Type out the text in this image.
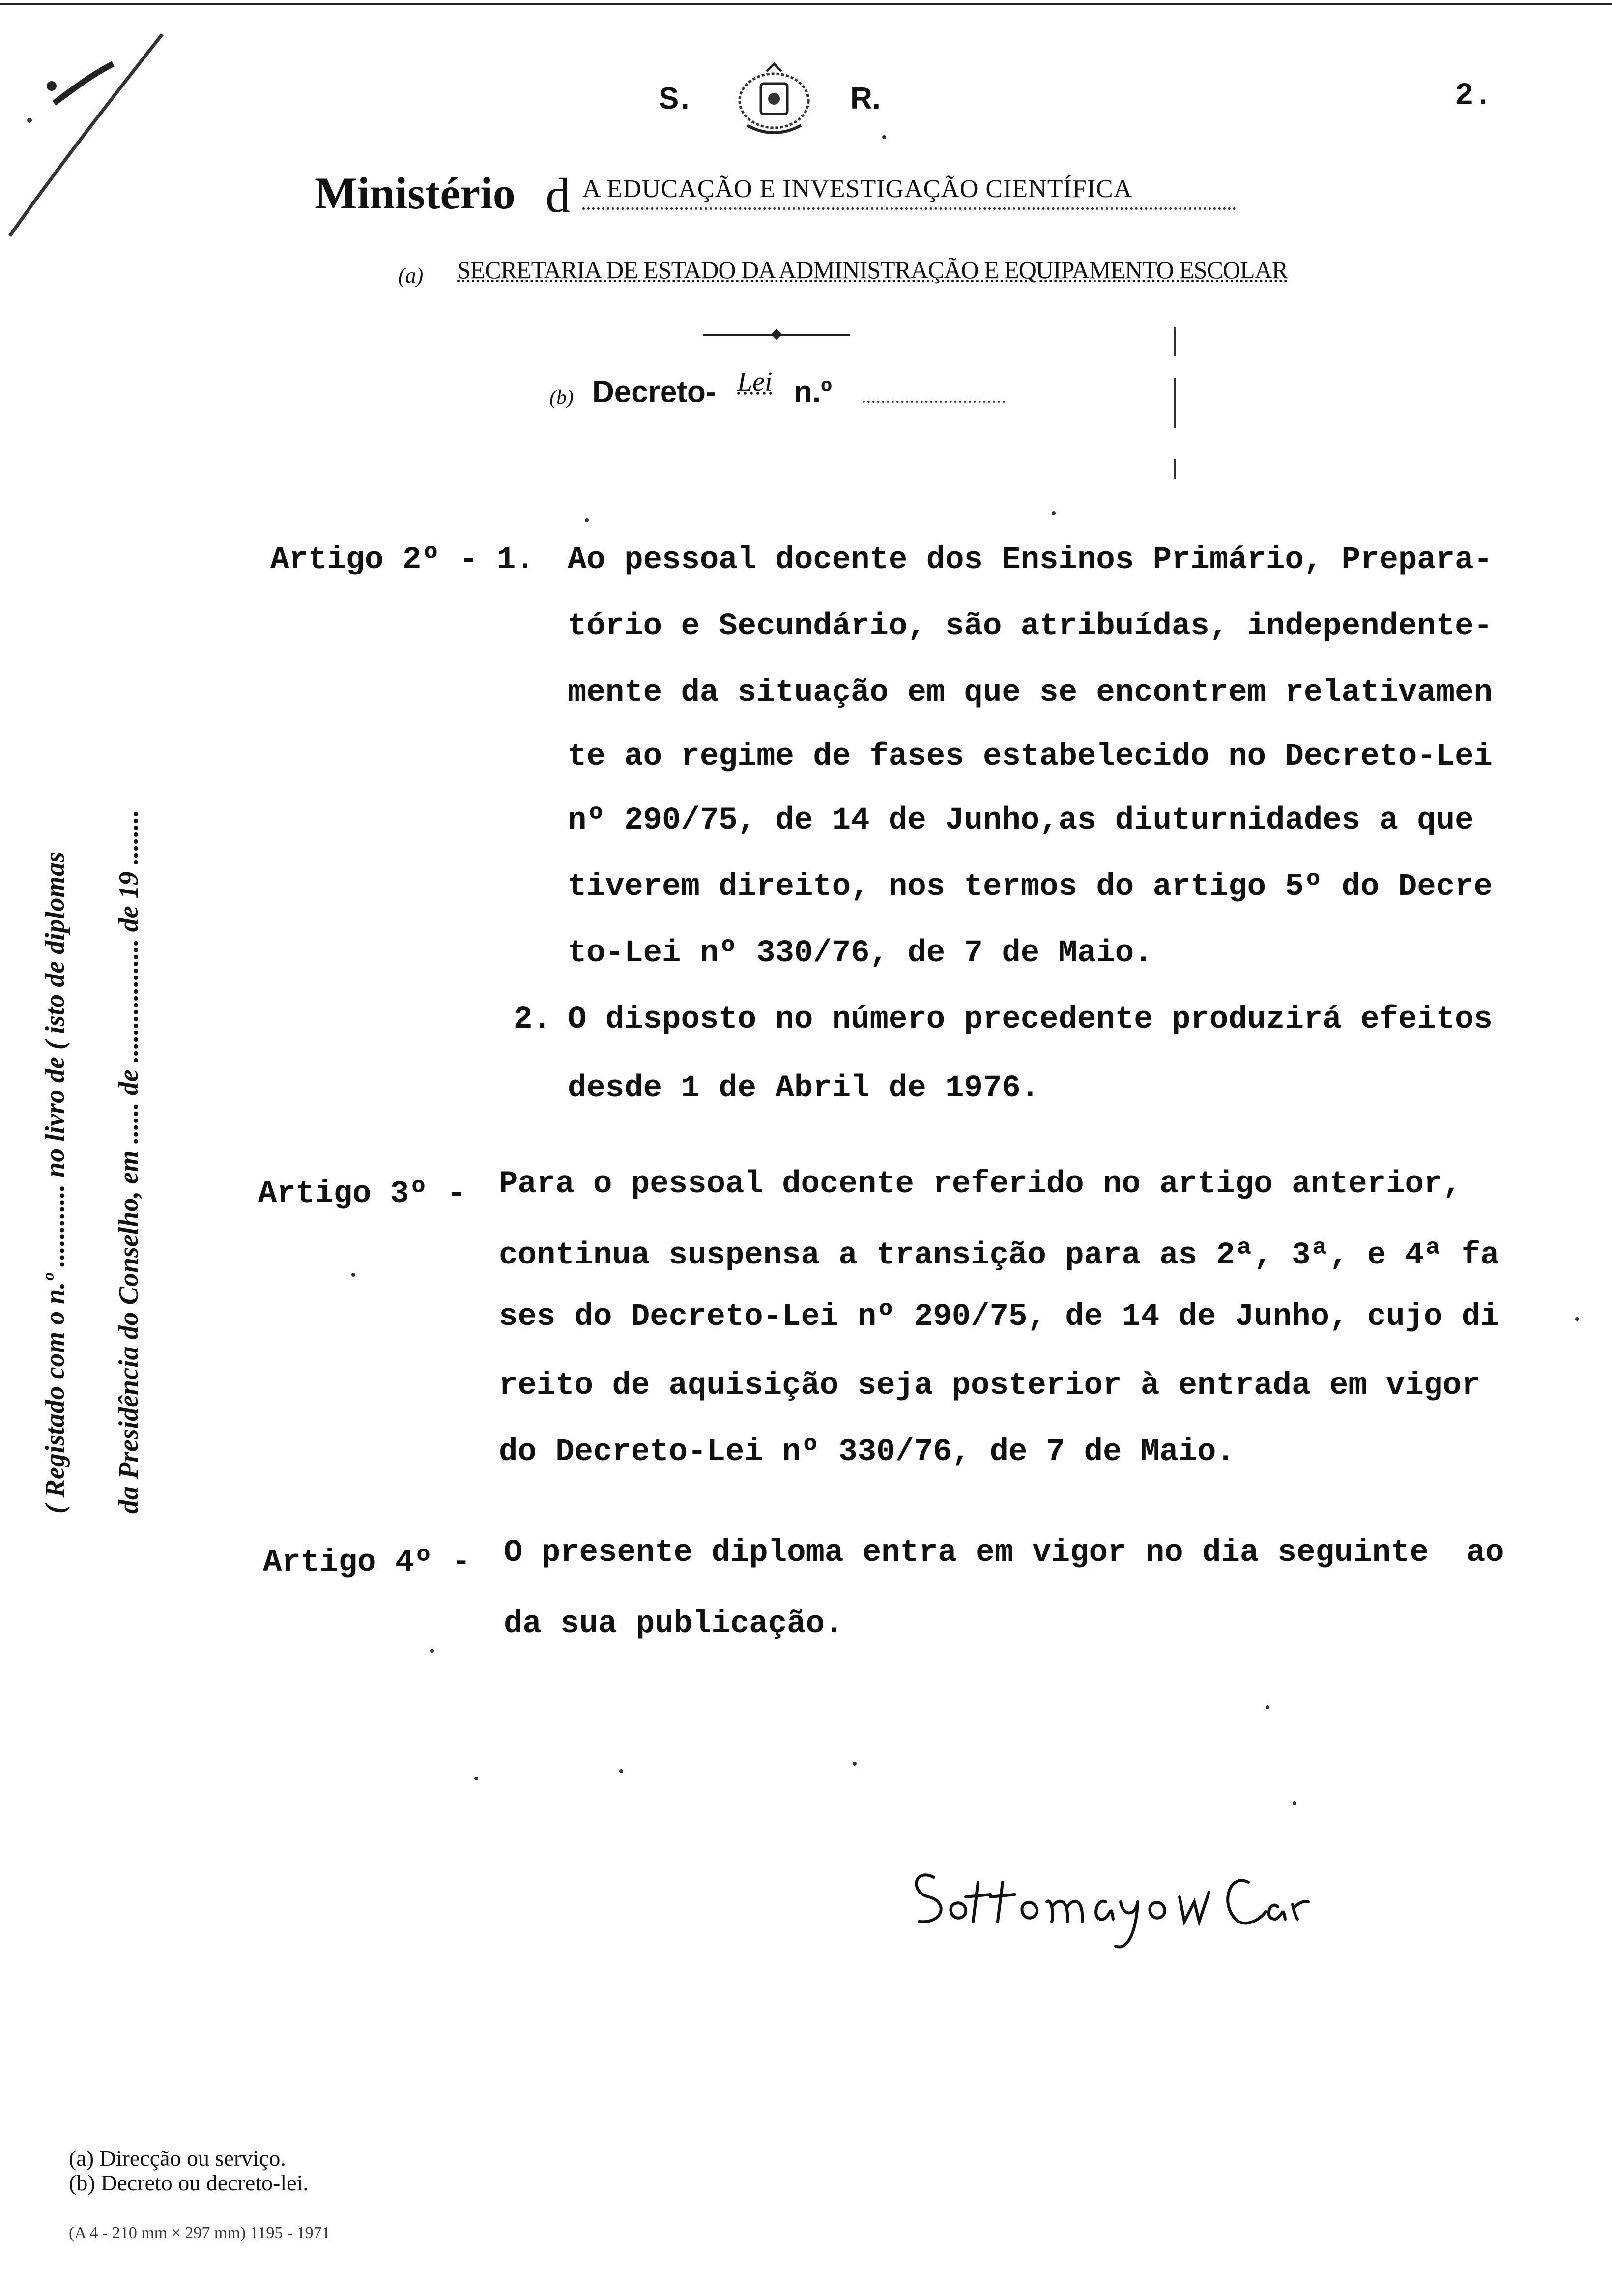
S.	R.	2.
Ministério d A EDUCAÇÃO E INVESTIGAÇÃO CIENTÍFICA
(a) SECRETARIA DE ESTADO DA ADMINISTRAÇÃO E EQUIPAMENTO ESCOLAR
(b) Decreto- Lei n.º
Artigo 2º - 1. Ao pessoal docente dos Ensinos Primário, Prepara-
tório e Secundário, são atribuídas, independente-
mente da situação em que se encontrem relativamen
te ao regime de fases estabelecido no Decreto-Lei
nº 290/75, de 14 de Junho,as diuturnidades a que
tiverem direito, nos termos do artigo 5º do Decre
to-Lei nº 330/76, de 7 de Maio.
2. O disposto no número precedente produzirá efeitos
desde 1 de Abril de 1976.
Artigo 3º - Para o pessoal docente referido no artigo anterior,
continua suspensa a transição para as 2ª, 3ª, e 4ª fa
ses do Decreto-Lei nº 290/75, de 14 de Junho, cujo di
reito de aquisição seja posterior à entrada em vigor
do Decreto-Lei nº 330/76, de 7 de Maio.
Artigo 4º - O presente diploma entra em vigor no dia seguinte  ao
da sua publicação.
( Registado com o n.º ............ no livro de ( isto de diplomas da Presidência do Conselho, em ...... de .................. de 19 ........
Sottomayor Cardia
(a) Direcção ou serviço.
(b) Decreto ou decreto-lei.
(A 4 - 210 mm × 297 mm) 1195 - 1971
